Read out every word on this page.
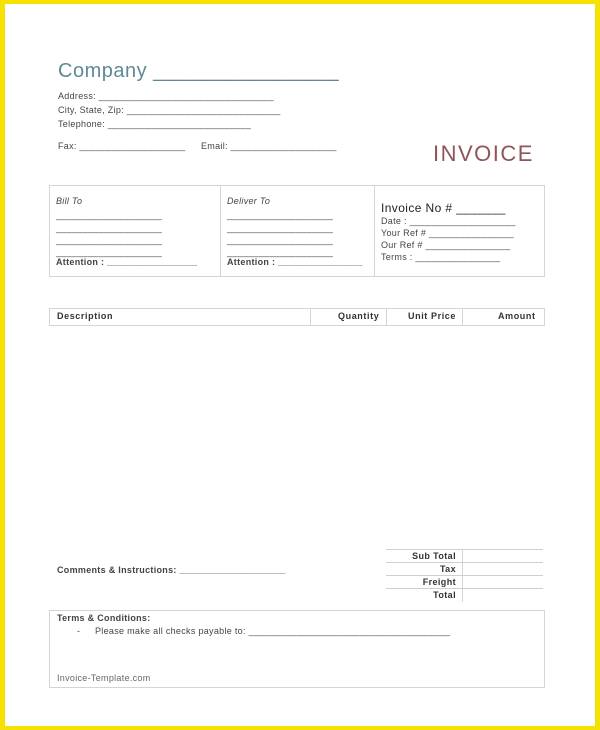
Company ________________
Address: _________________________________
City, State, Zip: _____________________________
Telephone: ___________________________
Fax: ____________________ Email: ____________________	INVOICE
Bill To
____________________
____________________
____________________
____________________
Attention : _________________
Deliver To
____________________
____________________
____________________
____________________
Attention : ________________
Invoice No # _______
Date : ____________________
Your Ref # ________________
Our Ref # ________________
Terms : ________________
Description	Quantity	Unit Price	Amount
Comments & Instructions: ____________________
Sub Total
Tax
Freight
Total
Terms & Conditions:
- Please make all checks payable to: ______________________________________
Invoice-Template.com
